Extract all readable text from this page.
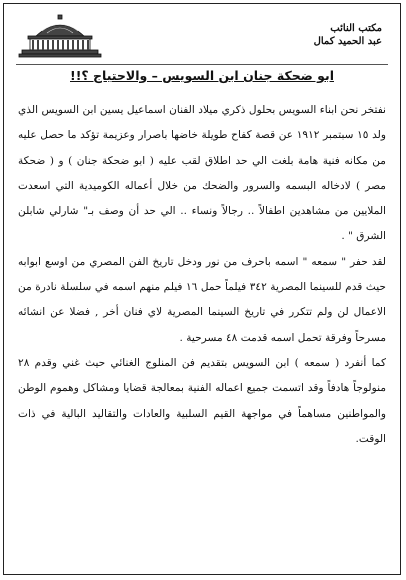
مكتب النائب
عبد الحميد كمال
ابو ضحكة جنان ابن السويس – والاحتياج ؟!!

نفتخر نحن ابناء السويس بحلول ذكري ميلاد الفنان اسماعيل يسين ابن السويس الذي ولد ١٥ سبتمبر ١٩١٢ عن قصة كفاح طويلة خاضها باصرار وعزيمة تؤكد ما حصل عليه من مكانه فنية هامة بلغت الي حد اطلاق لقب عليه ( ابو ضحكة جنان ) و ( ضحكة مصر ) لادخاله البسمه والسرور والضحك من خلال أعماله الكوميدية التي اسعدت الملايين من مشاهدين اطفالاً .. رجالاً ونساء .. الي حد أن وصف بـ" شارلي شابلن الشرق " .

لقد حفر " سمعه " اسمه باحرف من نور ودخل تاريخ الفن المصري من اوسع ابوابه حيث قدم للسينما المصرية ٣٤٢ فيلماً حمل ١٦ فيلم منهم اسمه في سلسلة نادرة من الاعمال لن ولم تتكرر في تاريخ السينما المصرية لاي فنان أخر , فضلا عن انشائه مسرحاً وفرقة تحمل اسمه قدمت ٤٨ مسرحية .

كما أنفرد ( سمعه ) ابن السويس بتقديم فن المنلوج الغنائي حيث غني وقدم ٢٨ منولوجاً هادفاً وقد اتسمت جميع اعماله الفنية بمعالجة قضايا ومشاكل وهموم الوطن والمواطنين مساهماً في مواجهة القيم السلبية والعادات والتقاليد البالية في ذات الوقت.
